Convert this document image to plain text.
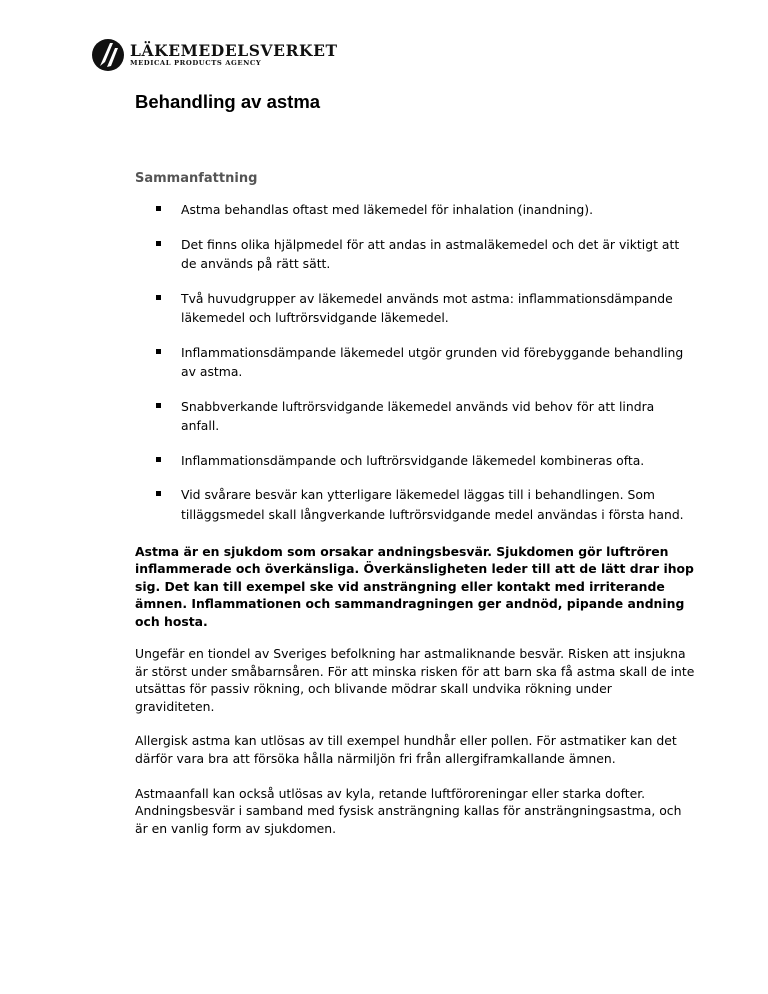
LÄKEMEDELSVERKET
MEDICAL PRODUCTS AGENCY
Behandling av astma
Sammanfattning
Astma behandlas oftast med läkemedel för inhalation (inandning).
Det finns olika hjälpmedel för att andas in astmaläkemedel och det är viktigt att de används på rätt sätt.
Två huvudgrupper av läkemedel används mot astma: inflammationsdämpande läkemedel och luftrörsvidgande läkemedel.
Inflammationsdämpande läkemedel utgör grunden vid förebyggande behandling av astma.
Snabbverkande luftrörsvidgande läkemedel används vid behov för att lindra anfall.
Inflammationsdämpande och luftrörsvidgande läkemedel kombineras ofta.
Vid svårare besvär kan ytterligare läkemedel läggas till i behandlingen. Som tilläggsmedel skall långverkande luftrörsvidgande medel användas i första hand.

Astma är en sjukdom som orsakar andningsbesvär. Sjukdomen gör luftrören inflammerade och överkänsliga. Överkänsligheten leder till att de lätt drar ihop sig. Det kan till exempel ske vid ansträngning eller kontakt med irriterande ämnen. Inflammationen och sammandragningen ger andnöd, pipande andning och hosta.

Ungefär en tiondel av Sveriges befolkning har astmaliknande besvär. Risken att insjukna är störst under småbarnsåren. För att minska risken för att barn ska få astma skall de inte utsättas för passiv rökning, och blivande mödrar skall undvika rökning under graviditeten.

Allergisk astma kan utlösas av till exempel hundhår eller pollen. För astmatiker kan det därför vara bra att försöka hålla närmiljön fri från allergiframkallande ämnen.

Astmaanfall kan också utlösas av kyla, retande luftföroreningar eller starka dofter. Andningsbesvär i samband med fysisk ansträngning kallas för ansträngningsastma, och är en vanlig form av sjukdomen.
